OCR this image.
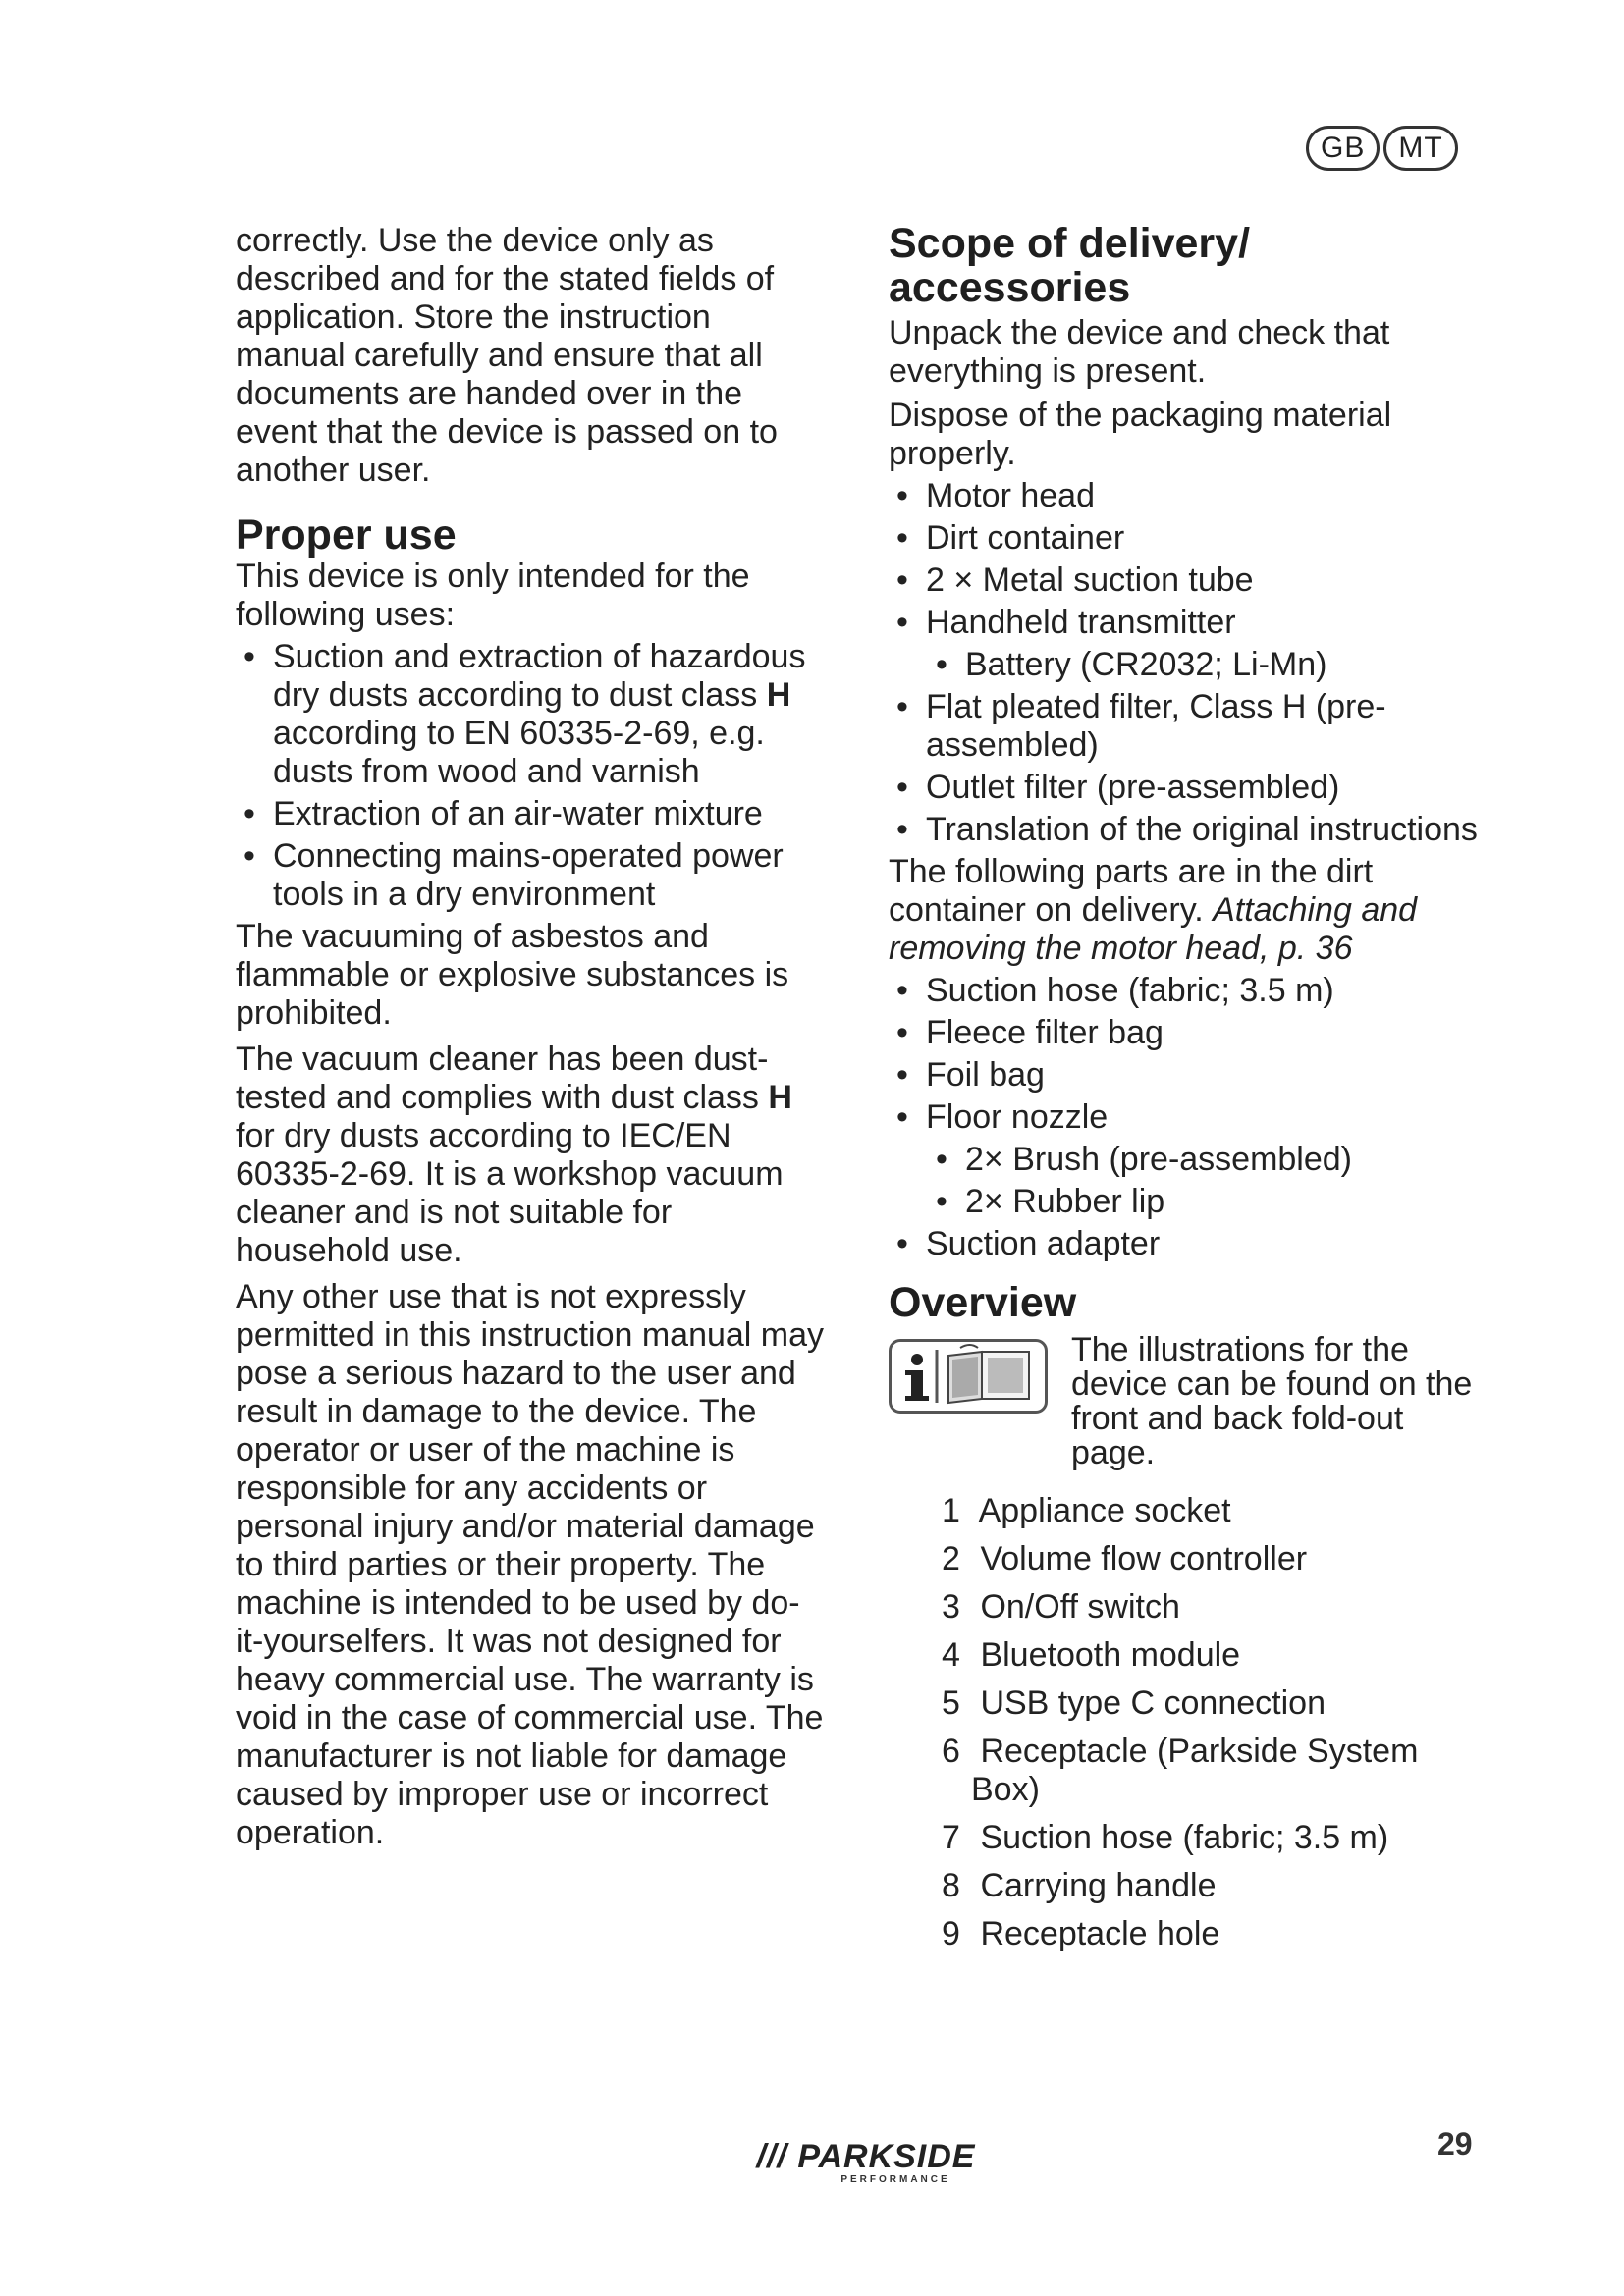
GB	MT

correctly. Use the device only as described and for the stated fields of application. Store the instruction manual carefully and ensure that all documents are handed over in the event that the device is passed on to another user.

Proper use

This device is only intended for the following uses:

• Suction and extraction of hazardous dry dusts according to dust class H according to EN 60335-2-69, e.g. dusts from wood and varnish
• Extraction of an air-water mixture
• Connecting mains-operated power tools in a dry environment

The vacuuming of asbestos and flammable or explosive substances is prohibited.

The vacuum cleaner has been dust-tested and complies with dust class H for dry dusts according to IEC/EN 60335-2-69. It is a workshop vacuum cleaner and is not suitable for household use.

Any other use that is not expressly permitted in this instruction manual may pose a serious hazard to the user and result in damage to the device. The operator or user of the machine is responsible for any accidents or personal injury and/or material damage to third parties or their property. The machine is intended to be used by do-it-yourselfers. It was not designed for heavy commercial use. The warranty is void in the case of commercial use. The manufacturer is not liable for damage caused by improper use or incorrect operation.

Scope of delivery/ accessories

Unpack the device and check that everything is present.

Dispose of the packaging material properly.

• Motor head
• Dirt container
• 2 × Metal suction tube
• Handheld transmitter
• Battery (CR2032; Li-Mn)
• Flat pleated filter, Class H (pre-assembled)
• Outlet filter (pre-assembled)
• Translation of the original instructions

The following parts are in the dirt container on delivery. Attaching and removing the motor head, p. 36

• Suction hose (fabric; 3.5 m)
• Fleece filter bag
• Foil bag
• Floor nozzle
• 2× Brush (pre-assembled)
• 2× Rubber lip
• Suction adapter
Overview

The illustrations for the device can be found on the front and back fold-out page.

1 Appliance socket
2 Volume flow controller
3 On/Off switch
4 Bluetooth module
5 USB type C connection
6 Receptacle (Parkside System Box)
7 Suction hose (fabric; 3.5 m)
8 Carrying handle
9 Receptacle hole
/// PARKSIDE
PERFORMANCE
29
